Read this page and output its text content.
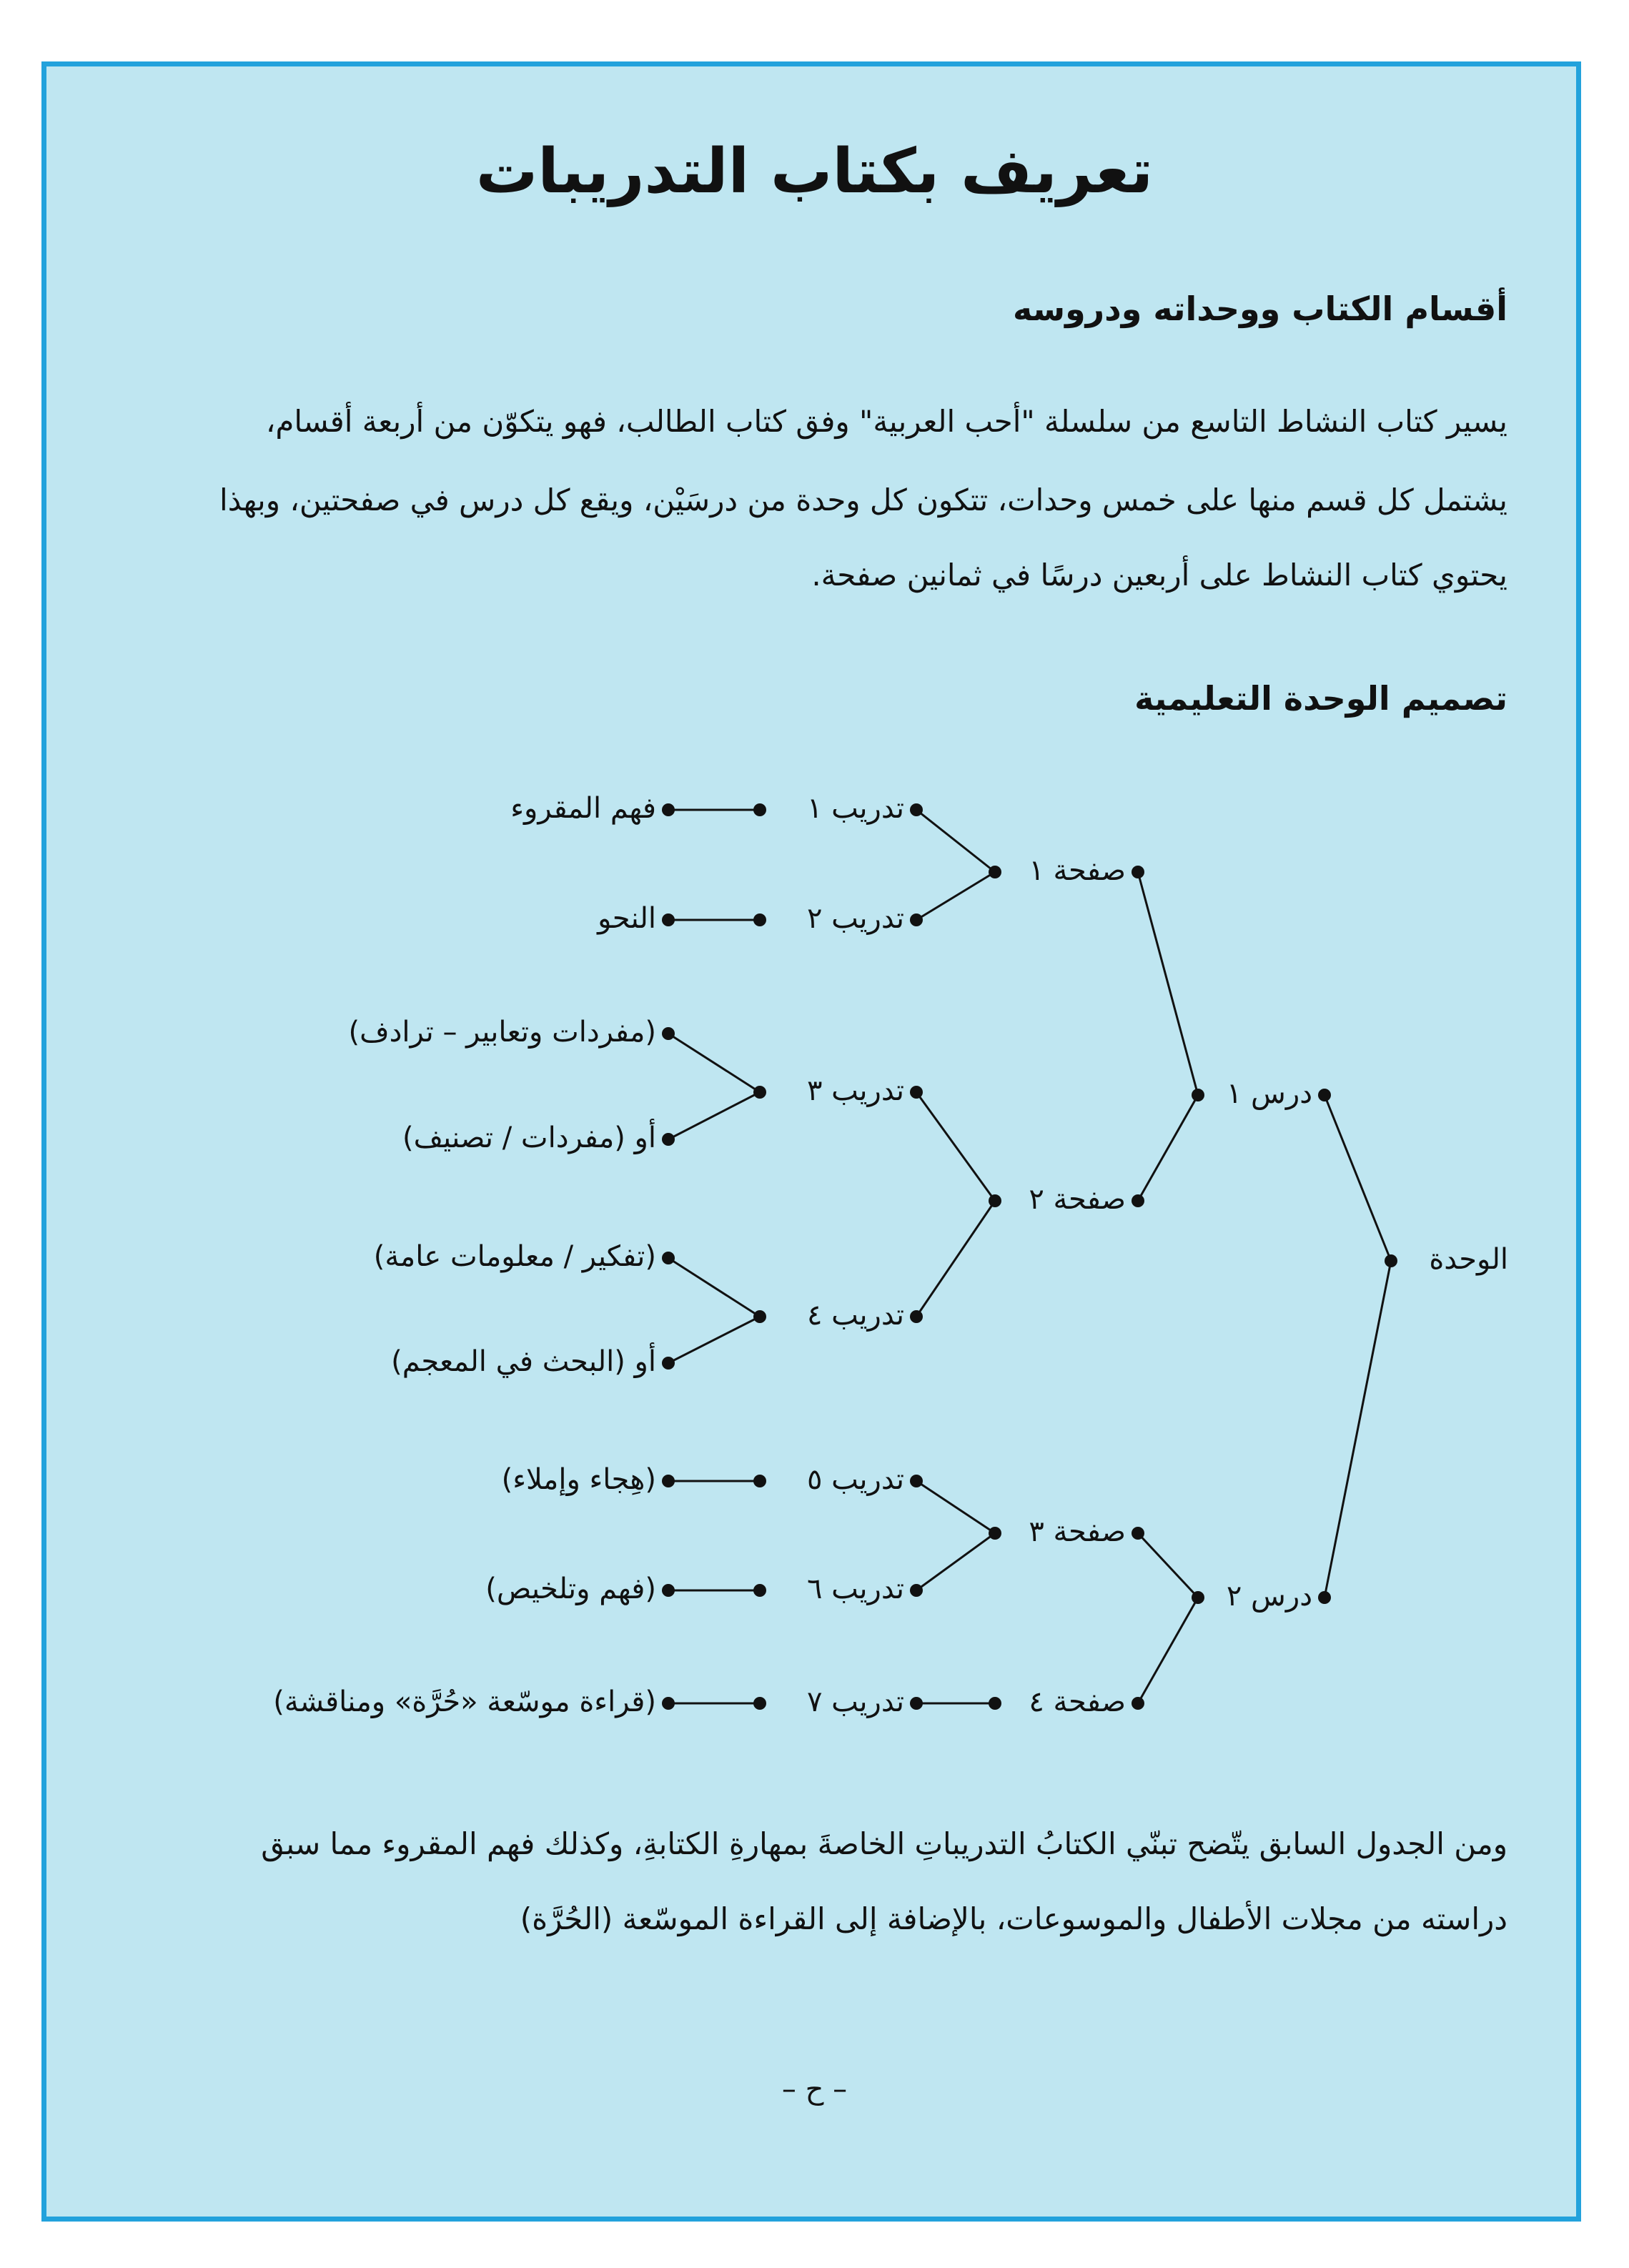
تعريف بكتاب التدريبات
أقسام الكتاب ووحداته ودروسه
يسير كتاب النشاط التاسع من سلسلة "أحب العربية" وفق كتاب الطالب، فهو يتكوّن من أربعة أقسام،
يشتمل كل قسم منها على خمس وحدات، تتكون كل وحدة من درسَيْن، ويقع كل درس في صفحتين، وبهذا
يحتوي كتاب النشاط على أربعين درسًا في ثمانين صفحة.
تصميم الوحدة التعليمية
فهم المقروء
النحو
(مفردات وتعابير – ترادف)
أو (مفردات / تصنيف)
(تفكير / معلومات عامة)
أو (البحث في المعجم)
(هِجاء وإملاء)
(فهم وتلخيص)
(قراءة موسّعة «حُرَّة» ومناقشة)
تدريب ١
تدريب ٢
تدريب ٣
تدريب ٤
تدريب ٥
تدريب ٦
تدريب ٧
صفحة ١
صفحة ٢
صفحة ٣
صفحة ٤
درس ١
درس ٢
الوحدة
ومن الجدول السابق يتّضح تبنّي الكتابُ التدريباتِ الخاصةَ بمهارةِ الكتابةِ، وكذلك فهم المقروء مما سبق
دراسته من مجلات الأطفال والموسوعات، بالإضافة إلى القراءة الموسّعة (الحُرَّة)
– ح –
